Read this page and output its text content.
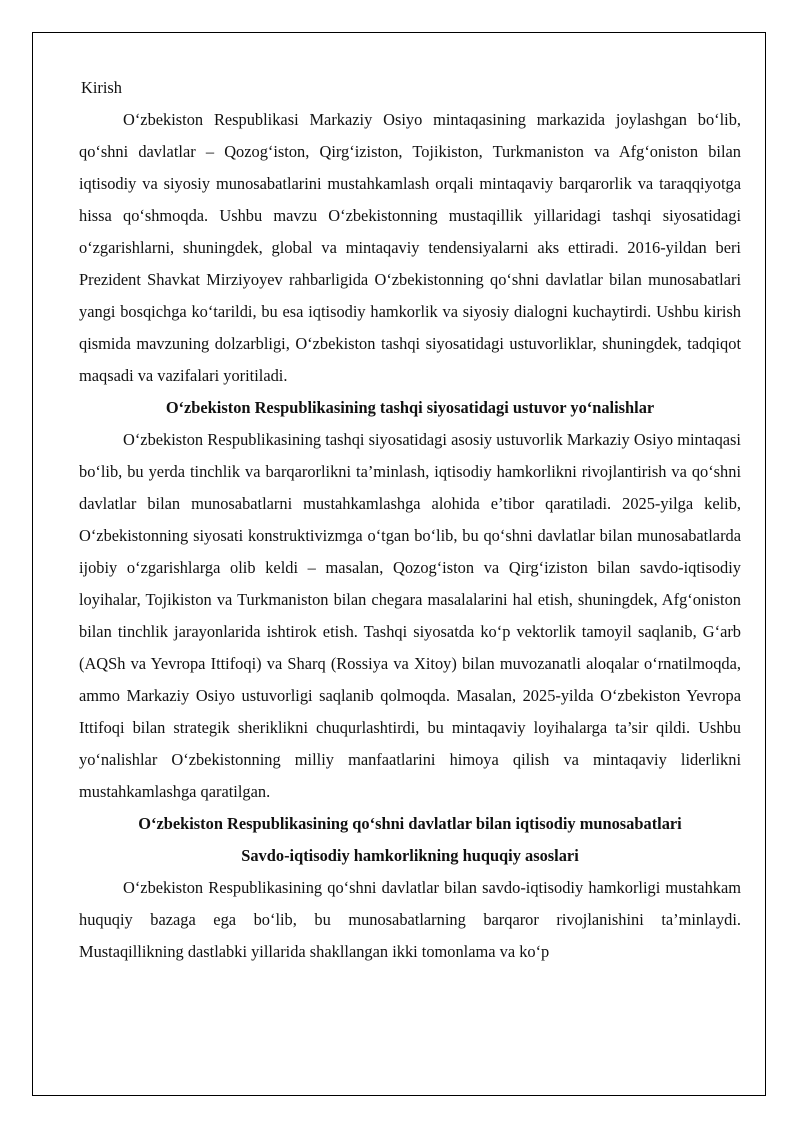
Kirish

O‘zbekiston Respublikasi Markaziy Osiyo mintaqasining markazida joylashgan bo‘lib, qo‘shni davlatlar – Qozog‘iston, Qirg‘iziston, Tojikiston, Turkmaniston va Afg‘oniston bilan iqtisodiy va siyosiy munosabatlarini mustahkamlash orqali mintaqaviy barqarorlik va taraqqiyotga hissa qo‘shmoqda. Ushbu mavzu O‘zbekistonning mustaqillik yillaridagi tashqi siyosatidagi o‘zgarishlarni, shuningdek, global va mintaqaviy tendensiyalarni aks ettiradi. 2016-yildan beri Prezident Shavkat Mirziyoyev rahbarligida O‘zbekistonning qo‘shni davlatlar bilan munosabatlari yangi bosqichga ko‘tarildi, bu esa iqtisodiy hamkorlik va siyosiy dialogni kuchaytirdi. Ushbu kirish qismida mavzuning dolzarbligi, O‘zbekiston tashqi siyosatidagi ustuvorliklar, shuningdek, tadqiqot maqsadi va vazifalari yoritiladi.

O‘zbekiston Respublikasining tashqi siyosatidagi ustuvor yo‘nalishlar

O‘zbekiston Respublikasining tashqi siyosatidagi asosiy ustuvorlik Markaziy Osiyo mintaqasi bo‘lib, bu yerda tinchlik va barqarorlikni ta’minlash, iqtisodiy hamkorlikni rivojlantirish va qo‘shni davlatlar bilan munosabatlarni mustahkamlashga alohida e’tibor qaratiladi. 2025-yilga kelib, O‘zbekistonning siyosati konstruktivizmga o‘tgan bo‘lib, bu qo‘shni davlatlar bilan munosabatlarda ijobiy o‘zgarishlarga olib keldi – masalan, Qozog‘iston va Qirg‘iziston bilan savdo-iqtisodiy loyihalar, Tojikiston va Turkmaniston bilan chegara masalalarini hal etish, shuningdek, Afg‘oniston bilan tinchlik jarayonlarida ishtirok etish. Tashqi siyosatda ko‘p vektorlik tamoyil saqlanib, G‘arb (AQSh va Yevropa Ittifoqi) va Sharq (Rossiya va Xitoy) bilan muvozanatli aloqalar o‘rnatilmoqda, ammo Markaziy Osiyo ustuvorligi saqlanib qolmoqda. Masalan, 2025-yilda O‘zbekiston Yevropa Ittifoqi bilan strategik sheriklikni chuqurlashtirdi, bu mintaqaviy loyihalarga ta’sir qildi. Ushbu yo‘nalishlar O‘zbekistonning milliy manfaatlarini himoya qilish va mintaqaviy liderlikni mustahkamlashga qaratilgan.

O‘zbekiston Respublikasining qo‘shni davlatlar bilan iqtisodiy munosabatlari

Savdo-iqtisodiy hamkorlikning huquqiy asoslari

O‘zbekiston Respublikasining qo‘shni davlatlar bilan savdo-iqtisodiy hamkorligi mustahkam huquqiy bazaga ega bo‘lib, bu munosabatlarning barqaror rivojlanishini ta’minlaydi. Mustaqillikning dastlabki yillarida shakllangan ikki tomonlama va ko‘p
